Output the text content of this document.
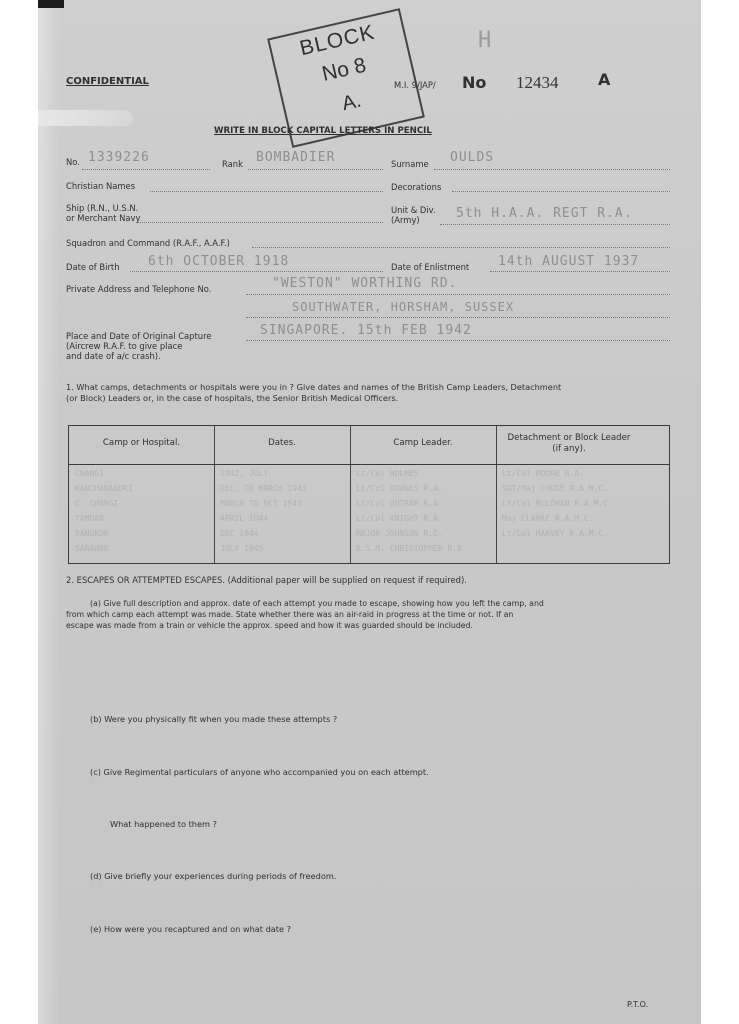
CONFIDENTIAL
BLOCK
No 8
A.
H
M.I. 9/JAP/ No 12434 A
WRITE IN BLOCK CAPITAL LETTERS IN PENCIL
No. 1339226	Rank BOMBADIER	Surname OULDS
Christian Names	Decorations
Ship (R.N., U.S.N.
or Merchant Navy
Unit & Div.
(Army)	5th H.A.A. REGT R.A.
Squadron and Command (R.A.F., A.A.F.)
Date of Birth 6th OCTOBER 1918	Date of Enlistment 14th AUGUST 1937
Private Address and Telephone No.	"WESTON" WORTHING RD.
SOUTHWATER, HORSHAM, SUSSEX
Place and Date of Original Capture
(Aircrew R.A.F. to give place
and date of a/c crash).
SINGAPORE. 15th FEB 1942
1. What camps, detachments or hospitals were you in ? Give dates and names of the British Camp Leaders, Detachment
(or Block) Leaders or, in the case of hospitals, the Senior British Medical Officers.
Camp or Hospital.	Dates.	Camp Leader.	Detachment or Block Leader (if any).
CHANGI	1942, JULY	Lt/Col HOLMES	Lt/Col MOORE R.A.
KANCHANABURI	DEC, TO MARCH 1943	Lt/Col DOWNES R.A.	SGT/Maj CHUGE R.A.M.C.
C. CHANGI	MARCH TO OCT 1943	Lt/Col OUTRAM R.A.	Lt/Col McLOWAN R.A.M.C.
TAMUAN	APRIL 1944	Lt/Col KNIGHT R.A.	Maj CLARKE R.A.M.C.
BANGKOK	DEC 1944	MAJOR JOHNSON R.E.	Lt/Col HARVEY R.A.M.C.
SARAWAK	JULY 1945	R.S.M. CHRISTOPHER R.A.
2. ESCAPES OR ATTEMPTED ESCAPES. (Additional paper will be supplied on request if required).
(a) Give full description and approx. date of each attempt you made to escape, showing how you left the camp, and
from which camp each attempt was made. State whether there was an air-raid in progress at the time or not. If an
escape was made from a train or vehicle the approx. speed and how it was guarded should be included.
(b) Were you physically fit when you made these attempts ?
(c) Give Regimental particulars of anyone who accompanied you on each attempt.
What happened to them ?
(d) Give briefly your experiences during periods of freedom.
(e) How were you recaptured and on what date ?
P.T.O.
